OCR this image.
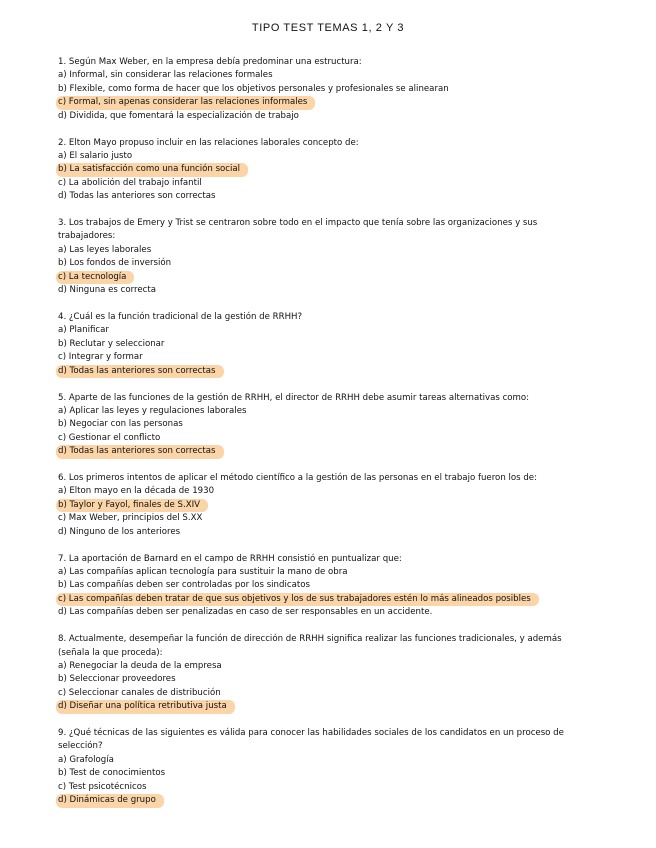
TIPO TEST TEMAS 1, 2 Y 3
1. Según Max Weber, en la empresa debía predominar una estructura:
a) Informal, sin considerar las relaciones formales
b) Flexible, como forma de hacer que los objetivos personales y profesionales se alinearan
c) Formal, sin apenas considerar las relaciones informales
d) Dividida, que fomentará la especialización de trabajo
2. Elton Mayo propuso incluir en las relaciones laborales concepto de:
a) El salario justo
b) La satisfacción como una función social
c) La abolición del trabajo infantil
d) Todas las anteriores son correctas
3. Los trabajos de Emery y Trist se centraron sobre todo en el impacto que tenía sobre las organizaciones y sus trabajadores:
a) Las leyes laborales
b) Los fondos de inversión
c) La tecnología
d) Ninguna es correcta
4. ¿Cuál es la función tradicional de la gestión de RRHH?
a) Planificar
b) Reclutar y seleccionar
c) Integrar y formar
d) Todas las anteriores son correctas
5. Aparte de las funciones de la gestión de RRHH, el director de RRHH debe asumir tareas alternativas como:
a) Aplicar las leyes y regulaciones laborales
b) Negociar con las personas
c) Gestionar el conflicto
d) Todas las anteriores son correctas
6. Los primeros intentos de aplicar el método científico a la gestión de las personas en el trabajo fueron los de:
a) Elton mayo en la década de 1930
b) Taylor y Fayol, finales de S.XIV
c) Max Weber, principios del S.XX
d) Ninguno de los anteriores
7. La aportación de Barnard en el campo de RRHH consistió en puntualizar que:
a) Las compañías aplican tecnología para sustituir la mano de obra
b) Las compañías deben ser controladas por los sindicatos
c) Las compañías deben tratar de que sus objetivos y los de sus trabajadores estén lo más alineados posibles
d) Las compañías deben ser penalizadas en caso de ser responsables en un accidente.
8. Actualmente, desempeñar la función de dirección de RRHH significa realizar las funciones tradicionales, y además (señala la que proceda):
a) Renegociar la deuda de la empresa
b) Seleccionar proveedores
c) Seleccionar canales de distribución
d) Diseñar una política retributiva justa
9. ¿Qué técnicas de las siguientes es válida para conocer las habilidades sociales de los candidatos en un proceso de selección?
a) Grafología
b) Test de conocimientos
c) Test psicotécnicos
d) Dinámicas de grupo
